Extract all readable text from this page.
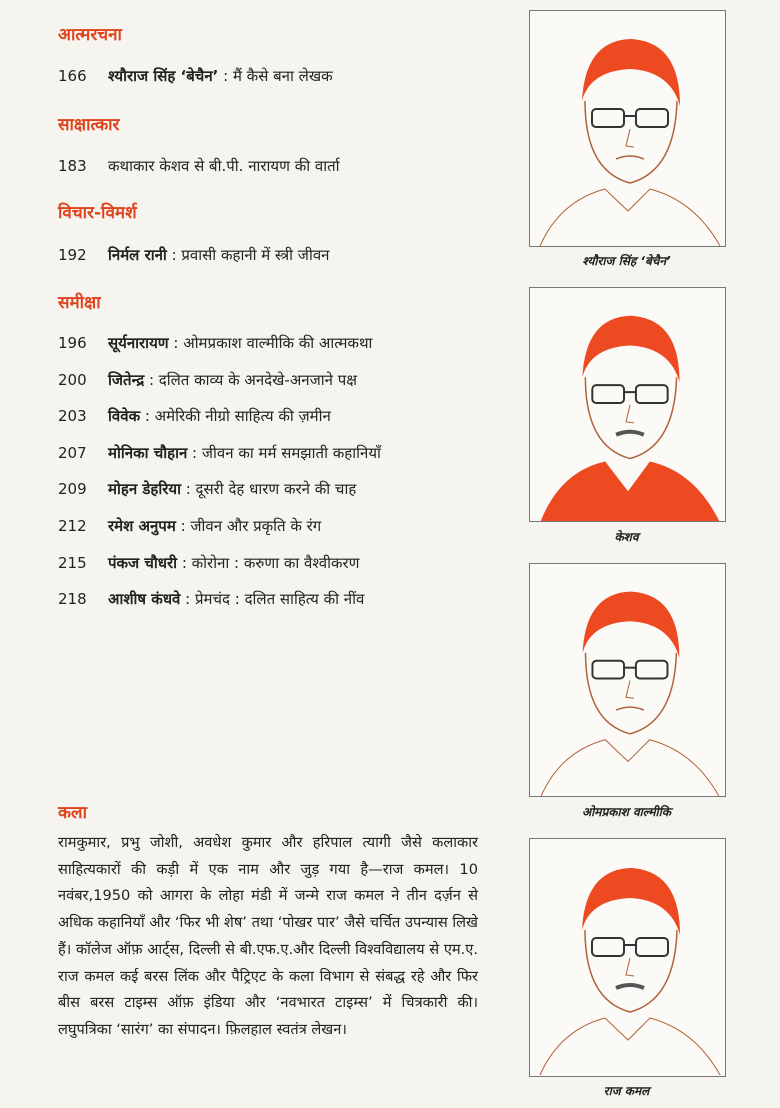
आत्मरचना
166 श्यौराज सिंह ‘बेचैन’ : मैं कैसे बना लेखक
साक्षात्कार
183 कथाकार केशव से बी.पी. नारायण की वार्ता
विचार-विमर्श
192 निर्मल रानी : प्रवासी कहानी में स्त्री जीवन
समीक्षा
196 सूर्यनारायण : ओमप्रकाश वाल्मीकि की आत्मकथा
200 जितेन्द्र : दलित काव्य के अनदेखे-अनजाने पक्ष
203 विवेक : अमेरिकी नीग्रो साहित्य की ज़मीन
207 मोनिका चौहान : जीवन का मर्म समझाती कहानियाँ
209 मोहन डेहरिया : दूसरी देह धारण करने की चाह
212 रमेश अनुपम : जीवन और प्रकृति के रंग
215 पंकज चौधरी : कोरोना : करुणा का वैश्वीकरण
218 आशीष कंधवे : प्रेमचंद : दलित साहित्य की नींव
कला
रामकुमार, प्रभु जोशी, अवधेश कुमार और हरिपाल त्यागी जैसे कलाकार साहित्यकारों की कड़ी में एक नाम और जुड़ गया है—राज कमल। 10 नवंबर,1950 को आगरा के लोहा मंडी में जन्मे राज कमल ने तीन दर्ज़न से अधिक कहानियाँ और ‘फिर भी शेष’ तथा ‘पोखर पार’ जैसे चर्चित उपन्यास लिखे हैं। कॉलेज ऑफ़ आर्ट्स, दिल्ली से बी.एफ.ए.और दिल्ली विश्वविद्यालय से एम.ए. राज कमल कई बरस लिंक और पैट्रिएट के कला विभाग से संबद्ध रहे और फिर बीस बरस टाइम्स ऑफ़ इंडिया और ‘नवभारत टाइम्स’ में चित्रकारी की। लघुपत्रिका ‘सारंग’ का संपादन। फ़िलहाल स्वतंत्र लेखन।
श्यौराज सिंह ‘बेचैन’
केशव
ओमप्रकाश वाल्मीकि
राज कमल
